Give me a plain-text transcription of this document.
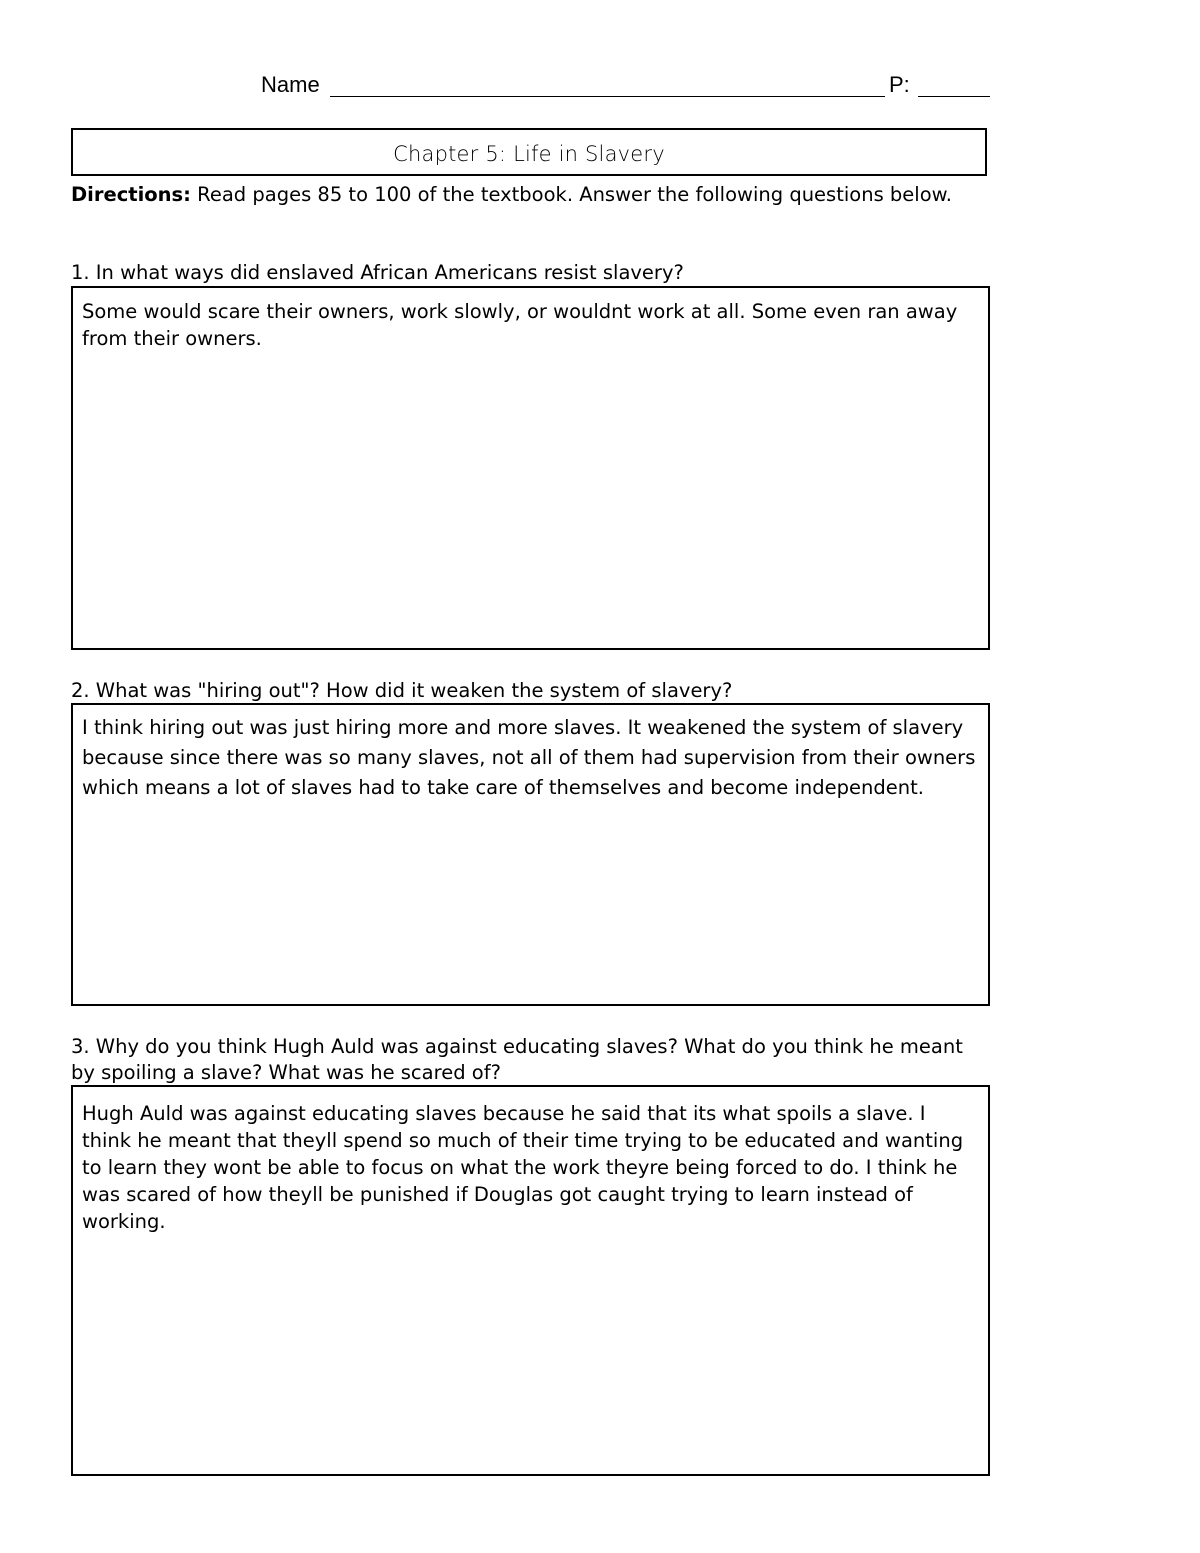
Name	P:
Chapter 5: Life in Slavery
Directions: Read pages 85 to 100 of the textbook. Answer the following questions below.
1. In what ways did enslaved African Americans resist slavery?
Some would scare their owners, work slowly, or wouldnt work at all. Some even ran away from their owners.
2. What was "hiring out"? How did it weaken the system of slavery?
I think hiring out was just hiring more and more slaves. It weakened the system of slavery because since there was so many slaves, not all of them had supervision from their owners which means a lot of slaves had to take care of themselves and become independent.
3. Why do you think Hugh Auld was against educating slaves? What do you think he meant by spoiling a slave? What was he scared of?
Hugh Auld was against educating slaves because he said that its what spoils a slave. I think he meant that theyll spend so much of their time trying to be educated and wanting to learn they wont be able to focus on what the work theyre being forced to do. I think he was scared of how theyll be punished if Douglas got caught trying to learn instead of working.
